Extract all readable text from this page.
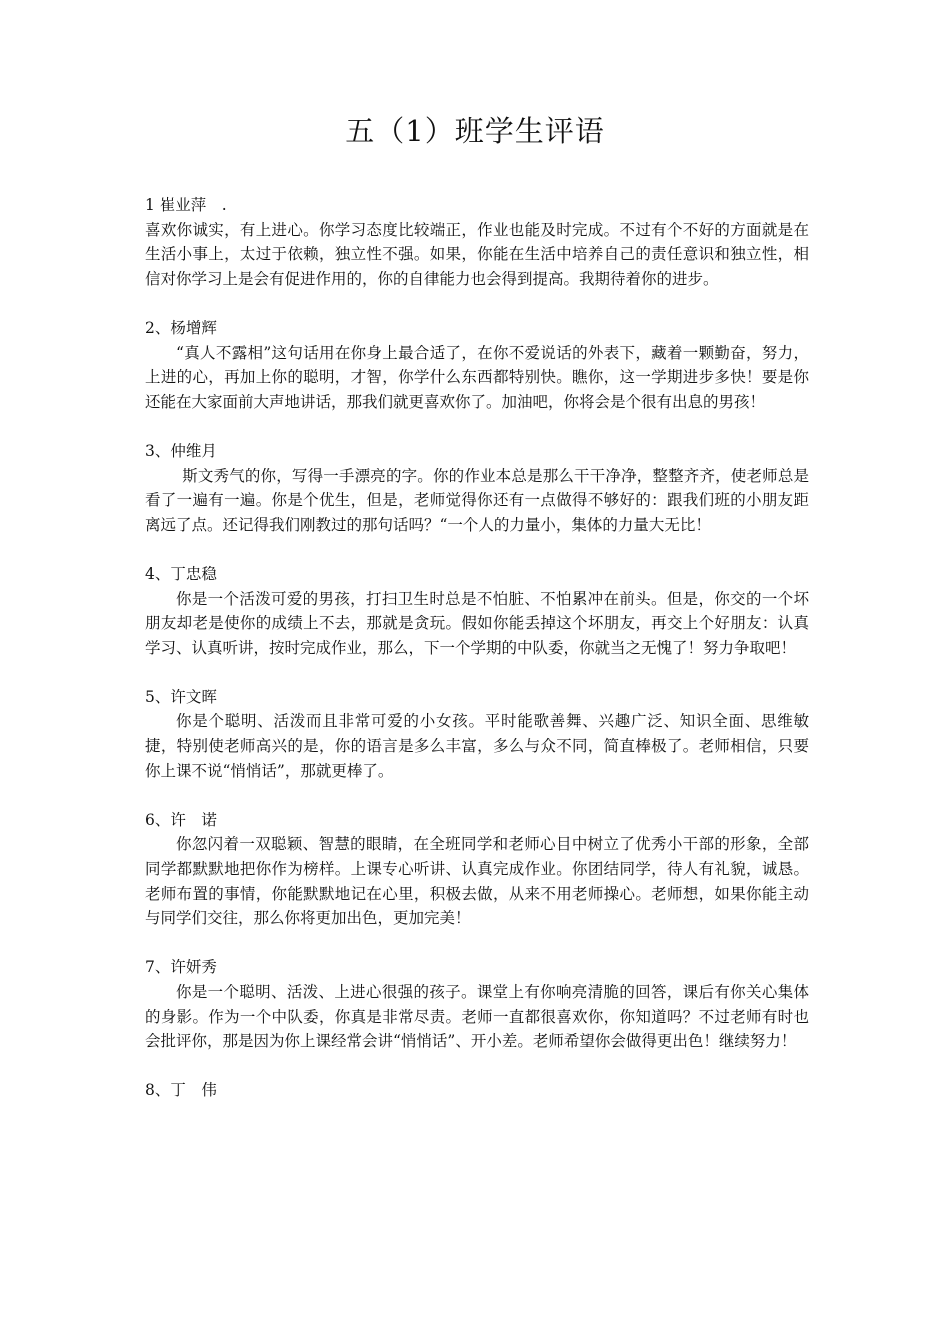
五（1）班学生评语
1 崔业萍　.

喜欢你诚实，有上进心。你学习态度比较端正，作业也能及时完成。不过有个不好的方面就是在生活小事上，太过于依赖，独立性不强。如果，你能在生活中培养自己的责任意识和独立性，相信对你学习上是会有促进作用的，你的自律能力也会得到提高。我期待着你的进步。

2、杨增辉

“真人不露相”这句话用在你身上最合适了，在你不爱说话的外表下，藏着一颗勤奋，努力，上进的心，再加上你的聪明，才智，你学什么东西都特别快。瞧你，这一学期进步多快！要是你还能在大家面前大声地讲话，那我们就更喜欢你了。加油吧，你将会是个很有出息的男孩！

3、仲维月

斯文秀气的你，写得一手漂亮的字。你的作业本总是那么干干净净，整整齐齐，使老师总是看了一遍有一遍。你是个优生，但是，老师觉得你还有一点做得不够好的：跟我们班的小朋友距离远了点。还记得我们刚教过的那句话吗？“一个人的力量小，集体的力量大无比！

4、丁忠稳

你是一个活泼可爱的男孩，打扫卫生时总是不怕脏、不怕累冲在前头。但是，你交的一个坏朋友却老是使你的成绩上不去，那就是贪玩。假如你能丢掉这个坏朋友，再交上个好朋友：认真学习、认真听讲，按时完成作业，那么，下一个学期的中队委，你就当之无愧了！努力争取吧！

5、许文晖

你是个聪明、活泼而且非常可爱的小女孩。平时能歌善舞、兴趣广泛、知识全面、思维敏捷，特别使老师高兴的是，你的语言是多么丰富，多么与众不同，简直棒极了。老师相信，只要你上课不说“悄悄话”，那就更棒了。

6、许　诺

你忽闪着一双聪颖、智慧的眼睛，在全班同学和老师心目中树立了优秀小干部的形象，全部同学都默默地把你作为榜样。上课专心听讲、认真完成作业。你团结同学，待人有礼貌，诚恳。老师布置的事情，你能默默地记在心里，积极去做，从来不用老师操心。老师想，如果你能主动与同学们交往，那么你将更加出色，更加完美！

7、许妍秀

你是一个聪明、活泼、上进心很强的孩子。课堂上有你响亮清脆的回答，课后有你关心集体的身影。作为一个中队委，你真是非常尽责。老师一直都很喜欢你，你知道吗？不过老师有时也会批评你，那是因为你上课经常会讲“悄悄话”、开小差。老师希望你会做得更出色！继续努力！

8、丁　伟
